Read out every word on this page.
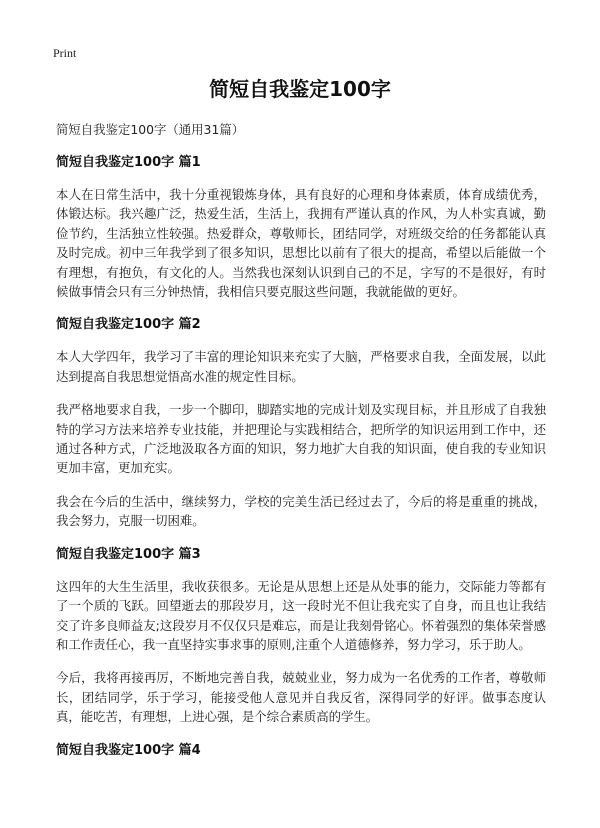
Print
简短自我鉴定100字

简短自我鉴定100字（通用31篇）

简短自我鉴定100字 篇1

本人在日常生活中，我十分重视锻炼身体，具有良好的心理和身体素质，体育成绩优秀，体锻达标。我兴趣广泛，热爱生活，生活上，我拥有严谨认真的作风，为人朴实真诚，勤俭节约，生活独立性较强。热爱群众，尊敬师长，团结同学，对班级交给的任务都能认真及时完成。初中三年我学到了很多知识，思想比以前有了很大的提高，希望以后能做一个有理想，有抱负，有文化的人。当然我也深刻认识到自己的不足，字写的不是很好，有时候做事情会只有三分钟热情，我相信只要克服这些问题，我就能做的更好。

简短自我鉴定100字 篇2

本人大学四年，我学习了丰富的理论知识来充实了大脑，严格要求自我，全面发展，以此达到提高自我思想觉悟高水准的规定性目标。

我严格地要求自我，一步一个脚印，脚踏实地的完成计划及实现目标，并且形成了自我独特的学习方法来培养专业技能，并把理论与实践相结合，把所学的知识运用到工作中，还通过各种方式，广泛地汲取各方面的知识，努力地扩大自我的知识面，使自我的专业知识更加丰富，更加充实。

我会在今后的生活中，继续努力，学校的完美生活已经过去了，今后的将是重重的挑战，我会努力，克服一切困难。

简短自我鉴定100字 篇3

这四年的大生生活里，我收获很多。无论是从思想上还是从处事的能力，交际能力等都有了一个质的飞跃。回望逝去的那段岁月，这一段时光不但让我充实了自身，而且也让我结交了许多良师益友;这段岁月不仅仅只是难忘，而是让我刻骨铭心。怀着强烈的集体荣誉感和工作责任心，我一直坚持实事求事的原则,注重个人道德修养，努力学习，乐于助人。

今后，我将再接再厉，不断地完善自我，兢兢业业，努力成为一名优秀的工作者，尊敬师长，团结同学，乐于学习，能接受他人意见并自我反省，深得同学的好评。做事态度认真，能吃苦，有理想，上进心强，是个综合素质高的学生。

简短自我鉴定100字 篇4
